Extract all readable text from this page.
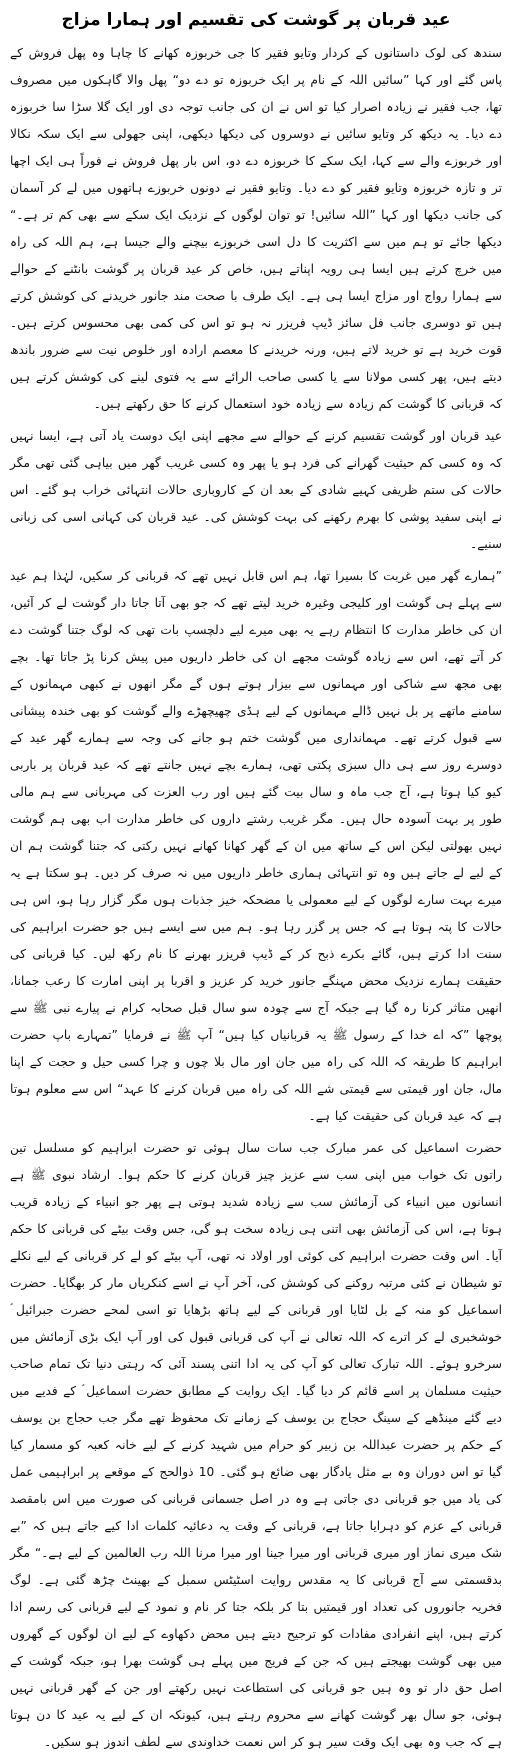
عید قربان پر گوشت کی تقسیم اور ہمارا مزاج

سندھ کی لوک داستانوں کے کردار وتایو فقیر کا جی خربوزہ کھانے کا چاہا وہ پھل فروش کے پاس گئے اور کہا ”سائیں اللہ کے نام پر ایک خربوزہ تو دے دو“ پھل والا گاہکوں میں مصروف تھا، جب فقیر نے زیادہ اصرار کیا تو اس نے ان کی جانب توجہ دی اور ایک گلا سڑا سا خربوزہ دے دیا۔ یہ دیکھ کر وتایو سائیں نے دوسروں کی دیکھا دیکھی، اپنی جھولی سے ایک سکہ نکالا اور خربوزے والے سے کہا، ایک سکے کا خربوزہ دے دو، اس بار پھل فروش نے فوراً ہی ایک اچھا تر و تازہ خربوزہ وتایو فقیر کو دے دیا۔ وتایو فقیر نے دونوں خربوزے ہاتھوں میں لے کر آسمان کی جانب دیکھا اور کہا ”اللہ سائیں! تو توان لوگوں کے نزدیک ایک سکے سے بھی کم تر ہے۔“ دیکھا جائے تو ہم میں سے اکثریت کا دل اسی خربوزے بیچنے والے جیسا ہے، ہم اللہ کی راہ میں خرچ کرتے ہیں ایسا ہی رویہ اپناتے ہیں، خاص کر عید قربان پر گوشت بانٹنے کے حوالے سے ہمارا رواج اور مزاج ایسا ہی ہے۔ ایک طرف با صحت مند جانور خریدنے کی کوشش کرتے ہیں تو دوسری جانب فل سائز ڈیپ فریزر نہ ہو تو اس کی کمی بھی محسوس کرتے ہیں۔ قوت خرید ہے تو خرید لاتے ہیں، ورنہ خریدنے کا معصم ارادہ اور خلوص نیت سے ضرور باندھ دیتے ہیں، پھر کسی مولانا سے یا کسی صاحب الرائے سے یہ فتوی لینے کی کوشش کرتے ہیں کہ قربانی کا گوشت کم زیادہ سے زیادہ خود استعمال کرنے کا حق رکھتے ہیں۔

عید قربان اور گوشت تقسیم کرنے کے حوالے سے مجھے اپنی ایک دوست یاد آتی ہے، ایسا نہیں کہ وہ کسی کم حیثیت گھرانے کی فرد ہو یا پھر وہ کسی غریب گھر میں بیاہی گئی تھی مگر حالات کی ستم ظریفی کہیے شادی کے بعد ان کے کاروباری حالات انتہائی خراب ہو گئے۔ اس نے اپنی سفید پوشی کا بھرم رکھنے کی بہت کوشش کی۔ عید قربان کی کہانی اسی کی زبانی سنیے۔

”ہمارے گھر میں غربت کا بسیرا تھا، ہم اس قابل نہیں تھے کہ قربانی کر سکیں، لہٰذا ہم عید سے پہلے ہی گوشت اور کلیجی وغیرہ خرید لیتے تھے کہ جو بھی آتا جاتا دار گوشت لے کر آئیں، ان کی خاطر مدارت کا انتظام رہے یہ بھی میرے لیے دلچسپ بات تھی کہ لوگ جتنا گوشت دے کر آتے تھے، اس سے زیادہ گوشت مجھے ان کی خاطر داریوں میں پیش کرنا پڑ جاتا تھا۔ بچے بھی مجھ سے شاکی اور مہمانوں سے بیزار ہوتے ہوں گے مگر انھوں نے کبھی مہمانوں کے سامنے ماتھے پر بل نہیں ڈالے مہمانوں کے لیے ہڈی چھیچھڑے والے گوشت کو بھی خندہ پیشانی سے قبول کرتے تھے۔ مہمانداری میں گوشت ختم ہو جانے کی وجہ سے ہمارے گھر عید کے دوسرے روز سے ہی دال سبزی پکتی تھی، ہمارے بچے نہیں جانتے تھے کہ عید قربان پر باربی کیو کیا ہوتا ہے، آج جب ماہ و سال بیت گئے ہیں اور رب العزت کی مہربانی سے ہم مالی طور پر بہت آسودہ حال ہیں۔ مگر غریب رشتے داروں کی خاطر مدارت اب بھی ہم گوشت نہیں بھولتی لیکن اس کے ساتھ میں ان کے گھر کھانا کھانے نہیں رکتی کہ جتنا گوشت ہم ان کے لیے لے جاتے ہیں وہ تو انتہائی ہماری خاطر داریوں میں نہ صرف کر دیں۔ ہو سکتا ہے یہ میرے بہت سارے لوگوں کے لیے معمولی یا مضحکہ خیز جذبات ہوں مگر گزار رہا ہو، اس ہی حالات کا پتہ ہوتا ہے کہ جس پر گزر رہا ہو۔ ہم میں سے ایسے ہیں جو حضرت ابراہیم کی سنت ادا کرتے ہیں، گائے بکرے ذبح کر کے ڈیپ فریزر بھرنے کا نام رکھ لیں۔ کیا قربانی کی حقیقت ہمارے نزدیک محض مہنگے جانور خرید کر عزیز و اقربا پر اپنی امارت کا رعب جمانا، انھیں متاثر کرنا رہ گیا ہے جبکہ آج سے چودہ سو سال قبل صحابہ کرام نے پیارے نبی ﷺ سے پوچھا ”کہ اے خدا کے رسول ﷺ یہ قربانیاں کیا ہیں“ آپ ﷺ نے فرمایا ”تمہارے باپ حضرت ابراہیم کا طریقہ کہ اللہ کی راہ میں جان اور مال بلا چوں و چرا کسی حیل و حجت کے اپنا مال، جان اور قیمتی سے قیمتی شے اللہ کی راہ میں قربان کرنے کا عہد“ اس سے معلوم ہوتا ہے کہ عید قربان کی حقیقت کیا ہے۔

حضرت اسماعیل کی عمر مبارک جب سات سال ہوئی تو حضرت ابراہیم کو مسلسل تین راتوں تک خواب میں اپنی سب سے عزیز چیز قربان کرنے کا حکم ہوا۔ ارشاد نبوی ﷺ ہے انسانوں میں انبیاء کی آزمائش سب سے زیادہ شدید ہوتی ہے پھر جو انبیاء کے زیادہ قریب ہوتا ہے، اس کی آزمائش بھی اتنی ہی زیادہ سخت ہو گی، جس وقت بیٹے کی قربانی کا حکم آیا۔ اس وقت حضرت ابراہیم کی کوئی اور اولاد نہ تھی، آپ بیٹے کو لے کر قربانی کے لیے نکلے تو شیطان نے کئی مرتبہ روکنے کی کوشش کی، آخر آپ نے اسے کنکریاں مار کر بھگایا۔ حضرت اسماعیل کو منہ کے بل لٹایا اور قربانی کے لیے ہاتھ بڑھایا تو اسی لمحے حضرت جبرائیل ؑ خوشخبری لے کر اترے کہ اللہ تعالی نے آپ کی قربانی قبول کی اور آپ ایک بڑی آزمائش میں سرخرو ہوئے۔ اللہ تبارک تعالی کو آپ کی یہ ادا اتنی پسند آئی کہ رہتی دنیا تک تمام صاحب حیثیت مسلمان پر اسے قائم کر دیا گیا۔ ایک روایت کے مطابق حضرت اسماعیل ؑ کے فدیے میں دیے گئے مینڈھے کے سینگ حجاج بن یوسف کے زمانے تک محفوظ تھے مگر جب حجاج بن یوسف کے حکم پر حضرت عبداللہ بن زبیر کو حرام میں شہید کرنے کے لیے خانہ کعبہ کو مسمار کیا گیا تو اس دوران وہ بے مثل یادگار بھی ضائع ہو گئی۔ 10 ذوالحج کے موقعے پر ابراہیمی عمل کی یاد میں جو قربانی دی جاتی ہے وہ در اصل جسمانی قربانی کی صورت میں اس بامقصد قربانی کے عزم کو دہرایا جاتا ہے، قربانی کے وقت یہ دعائیہ کلمات ادا کیے جاتے ہیں کہ ”بے شک میری نماز اور میری قربانی اور میرا جینا اور میرا مرنا اللہ رب العالمین کے لیے ہے۔“ مگر بدقسمتی سے آج قربانی کا یہ مقدس روایت اسٹیٹس سمبل کے بھینٹ چڑھ گئی ہے۔ لوگ فخریہ جانوروں کی تعداد اور قیمتیں بتا کر بلکہ جتا کر نام و نمود کے لیے قربانی کی رسم ادا کرتے ہیں، اپنے انفرادی مفادات کو ترجیح دیتے ہیں محض دکھاوے کے لیے ان لوگوں کے گھروں میں بھی گوشت بھیجتے ہیں کہ جن کے فریج میں پہلے ہی گوشت بھرا ہو، جبکہ گوشت کے اصل حق دار تو وہ ہیں جو قربانی کی استطاعت نہیں رکھتے اور جن کے گھر قربانی نہیں ہوئی، جو سال بھر گوشت کھانے سے محروم رہتے ہیں، کیونکہ ان کے لیے یہ عید کا دن ہوتا ہے کہ جب وہ بھی ایک وقت سیر ہو کر اس نعمت خداوندی سے لطف اندوز ہو سکیں۔
